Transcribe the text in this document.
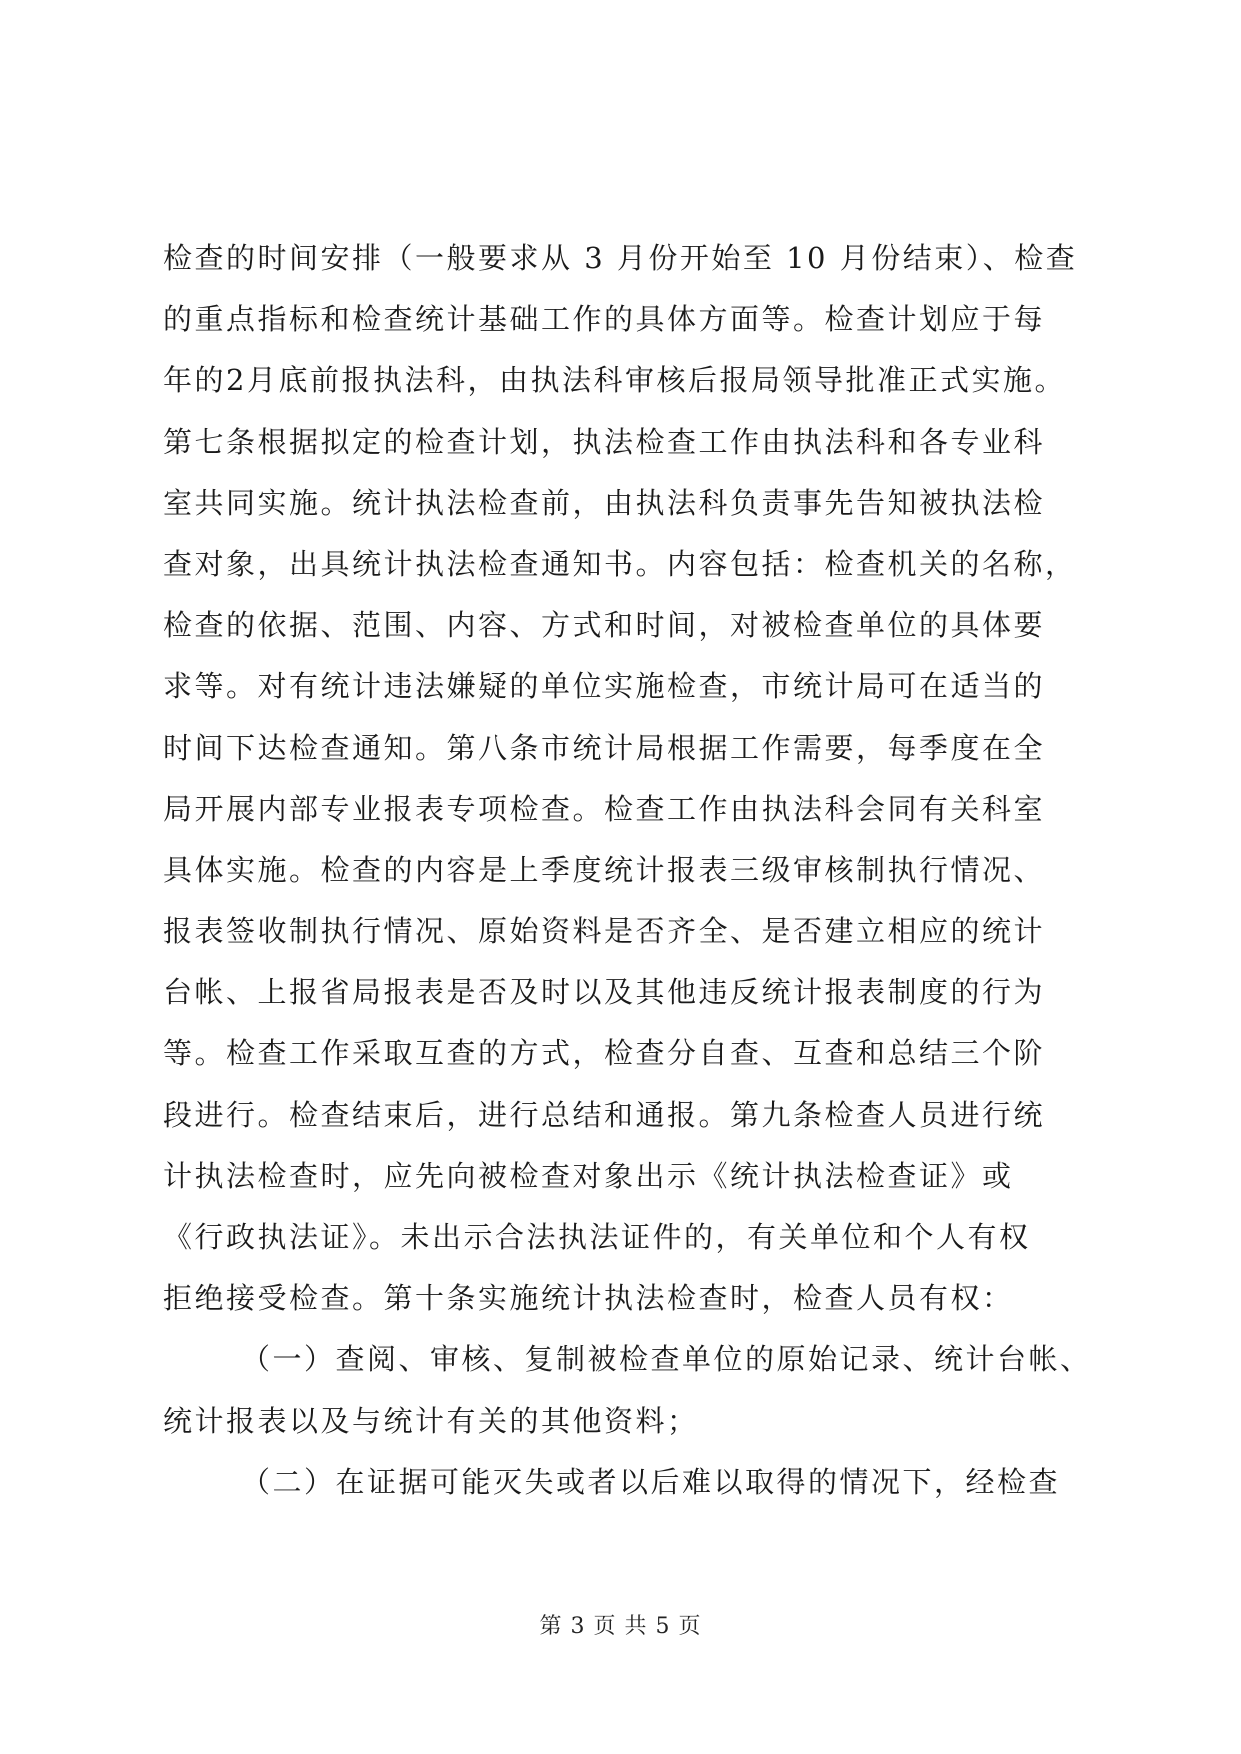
检查的时间安排（一般要求从 3 月份开始至 10 月份结束）、检查
的重点指标和检查统计基础工作的具体方面等。检查计划应于每
年的2月底前报执法科，由执法科审核后报局领导批准正式实施。
第七条根据拟定的检查计划，执法检查工作由执法科和各专业科
室共同实施。统计执法检查前，由执法科负责事先告知被执法检
查对象，出具统计执法检查通知书。内容包括：检查机关的名称，
检查的依据、范围、内容、方式和时间，对被检查单位的具体要
求等。对有统计违法嫌疑的单位实施检查，市统计局可在适当的
时间下达检查通知。第八条市统计局根据工作需要，每季度在全
局开展内部专业报表专项检查。检查工作由执法科会同有关科室
具体实施。检查的内容是上季度统计报表三级审核制执行情况、
报表签收制执行情况、原始资料是否齐全、是否建立相应的统计
台帐、上报省局报表是否及时以及其他违反统计报表制度的行为
等。检查工作采取互查的方式，检查分自查、互查和总结三个阶
段进行。检查结束后，进行总结和通报。第九条检查人员进行统
计执法检查时，应先向被检查对象出示《统计执法检查证》或
《行政执法证》。未出示合法执法证件的，有关单位和个人有权
拒绝接受检查。第十条实施统计执法检查时，检查人员有权：
（一）查阅、审核、复制被检查单位的原始记录、统计台帐、
统计报表以及与统计有关的其他资料；
（二）在证据可能灭失或者以后难以取得的情况下，经检查
第 3 页 共 5 页
